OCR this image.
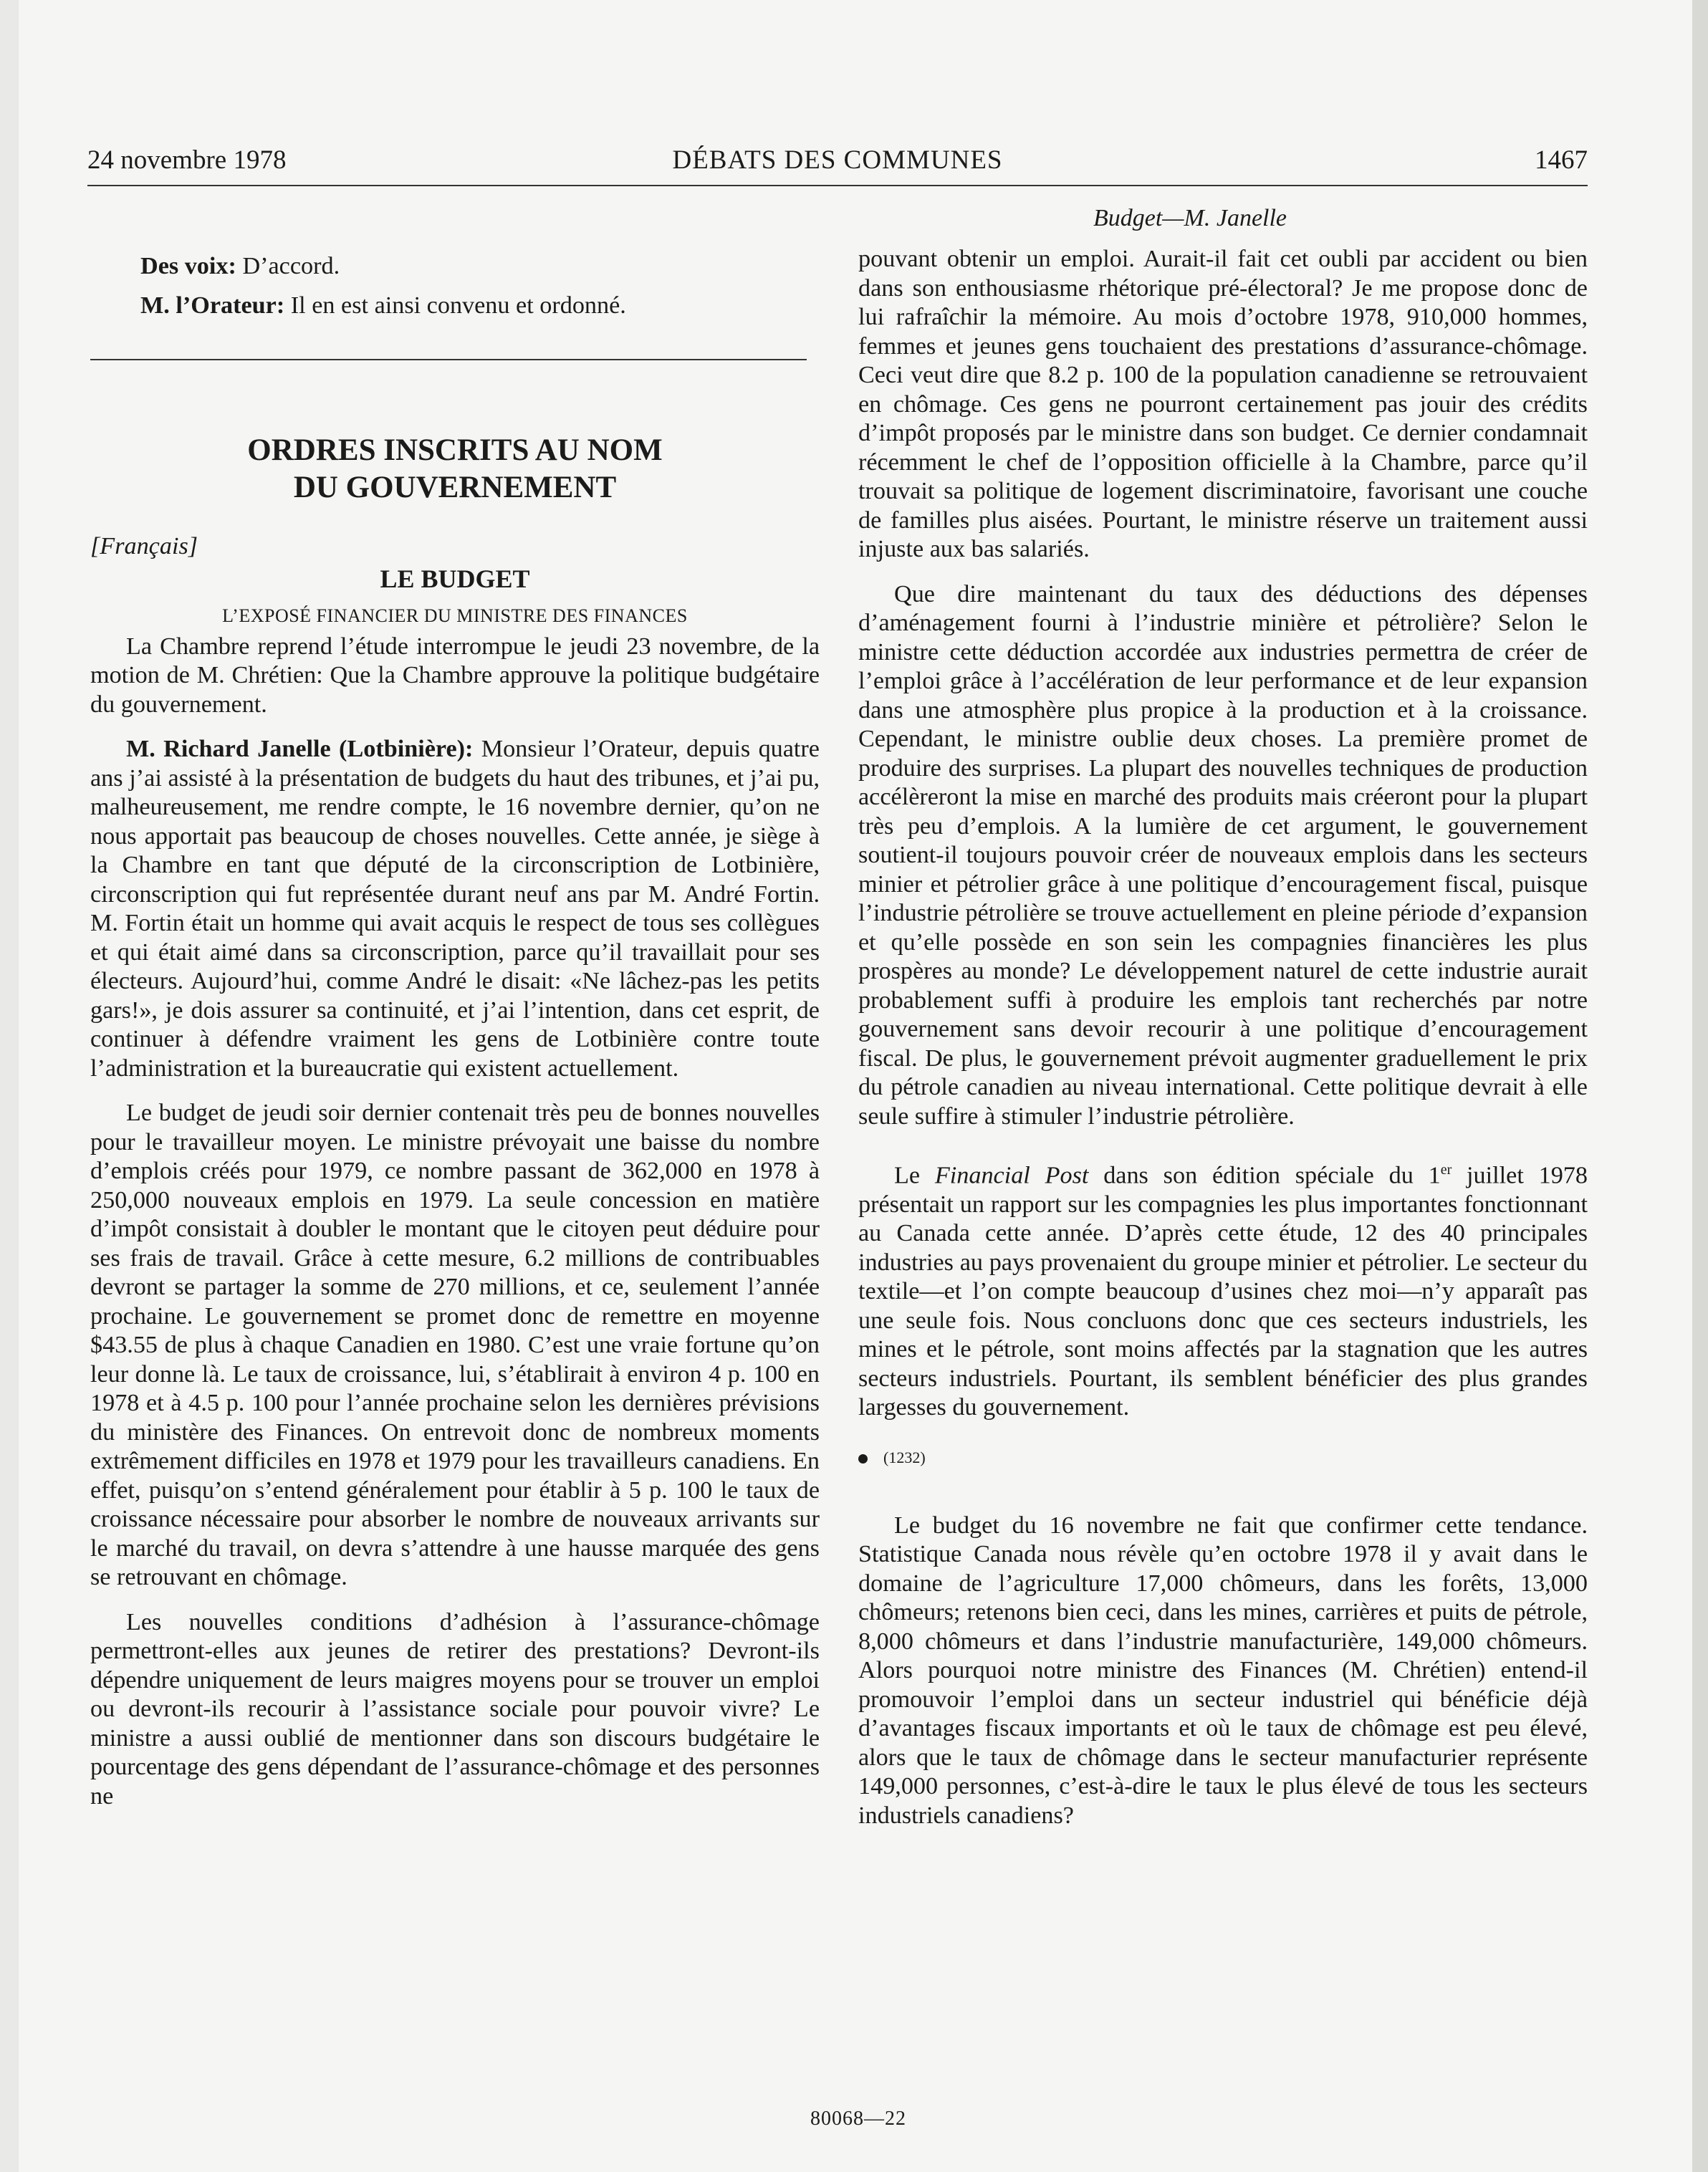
24 novembre 1978	DÉBATS DES COMMUNES	1467
Budget—M. Janelle

Des voix: D’accord.

M. l’Orateur: Il en est ainsi convenu et ordonné.

ORDRES INSCRITS AU NOM DU GOUVERNEMENT
[Français]
LE BUDGET
L’EXPOSÉ FINANCIER DU MINISTRE DES FINANCES

La Chambre reprend l’étude interrompue le jeudi 23 novembre, de la motion de M. Chrétien: Que la Chambre approuve la politique budgétaire du gouvernement.

M. Richard Janelle (Lotbinière): Monsieur l’Orateur, depuis quatre ans j’ai assisté à la présentation de budgets du haut des tribunes, et j’ai pu, malheureusement, me rendre compte, le 16 novembre dernier, qu’on ne nous apportait pas beaucoup de choses nouvelles. Cette année, je siège à la Chambre en tant que député de la circonscription de Lotbinière, circonscription qui fut représentée durant neuf ans par M. André Fortin. M. Fortin était un homme qui avait acquis le respect de tous ses collègues et qui était aimé dans sa circonscription, parce qu’il travaillait pour ses électeurs. Aujourd’hui, comme André le disait: «Ne lâchez-pas les petits gars!», je dois assurer sa continuité, et j’ai l’intention, dans cet esprit, de continuer à défendre vraiment les gens de Lotbinière contre toute l’administration et la bureaucratie qui existent actuellement.

Le budget de jeudi soir dernier contenait très peu de bonnes nouvelles pour le travailleur moyen. Le ministre prévoyait une baisse du nombre d’emplois créés pour 1979, ce nombre passant de 362,000 en 1978 à 250,000 nouveaux emplois en 1979. La seule concession en matière d’impôt consistait à doubler le montant que le citoyen peut déduire pour ses frais de travail. Grâce à cette mesure, 6.2 millions de contribuables devront se partager la somme de 270 millions, et ce, seulement l’année prochaine. Le gouvernement se promet donc de remettre en moyenne $43.55 de plus à chaque Canadien en 1980. C’est une vraie fortune qu’on leur donne là. Le taux de croissance, lui, s’établirait à environ 4 p. 100 en 1978 et à 4.5 p. 100 pour l’année prochaine selon les dernières prévisions du ministère des Finances. On entrevoit donc de nombreux moments extrêmement difficiles en 1978 et 1979 pour les travailleurs canadiens. En effet, puisqu’on s’entend généralement pour établir à 5 p. 100 le taux de croissance nécessaire pour absorber le nombre de nouveaux arrivants sur le marché du travail, on devra s’attendre à une hausse marquée des gens se retrouvant en chômage.

Les nouvelles conditions d’adhésion à l’assurance-chômage permettront-elles aux jeunes de retirer des prestations? Devront-ils dépendre uniquement de leurs maigres moyens pour se trouver un emploi ou devront-ils recourir à l’assistance sociale pour pouvoir vivre? Le ministre a aussi oublié de mentionner dans son discours budgétaire le pourcentage des gens dépendant de l’assurance-chômage et des personnes ne

pouvant obtenir un emploi. Aurait-il fait cet oubli par accident ou bien dans son enthousiasme rhétorique pré-électoral? Je me propose donc de lui rafraîchir la mémoire. Au mois d’octobre 1978, 910,000 hommes, femmes et jeunes gens touchaient des prestations d’assurance-chômage. Ceci veut dire que 8.2 p. 100 de la population canadienne se retrouvaient en chômage. Ces gens ne pourront certainement pas jouir des crédits d’impôt proposés par le ministre dans son budget. Ce dernier condamnait récemment le chef de l’opposition officielle à la Chambre, parce qu’il trouvait sa politique de logement discriminatoire, favorisant une couche de familles plus aisées. Pourtant, le ministre réserve un traitement aussi injuste aux bas salariés.

Que dire maintenant du taux des déductions des dépenses d’aménagement fourni à l’industrie minière et pétrolière? Selon le ministre cette déduction accordée aux industries permettra de créer de l’emploi grâce à l’accélération de leur performance et de leur expansion dans une atmosphère plus propice à la production et à la croissance. Cependant, le ministre oublie deux choses. La première promet de produire des surprises. La plupart des nouvelles techniques de production accélèreront la mise en marché des produits mais créeront pour la plupart très peu d’emplois. A la lumière de cet argument, le gouvernement soutient-il toujours pouvoir créer de nouveaux emplois dans les secteurs minier et pétrolier grâce à une politique d’encouragement fiscal, puisque l’industrie pétrolière se trouve actuellement en pleine période d’expansion et qu’elle possède en son sein les compagnies financières les plus prospères au monde? Le développement naturel de cette industrie aurait probablement suffi à produire les emplois tant recherchés par notre gouvernement sans devoir recourir à une politique d’encouragement fiscal. De plus, le gouvernement prévoit augmenter graduellement le prix du pétrole canadien au niveau international. Cette politique devrait à elle seule suffire à stimuler l’industrie pétrolière.

Le Financial Post dans son édition spéciale du 1er juillet 1978 présentait un rapport sur les compagnies les plus importantes fonctionnant au Canada cette année. D’après cette étude, 12 des 40 principales industries au pays provenaient du groupe minier et pétrolier. Le secteur du textile—et l’on compte beaucoup d’usines chez moi—n’y apparaît pas une seule fois. Nous concluons donc que ces secteurs industriels, les mines et le pétrole, sont moins affectés par la stagnation que les autres secteurs industriels. Pourtant, ils semblent bénéficier des plus grandes largesses du gouvernement.

(1232)

Le budget du 16 novembre ne fait que confirmer cette tendance. Statistique Canada nous révèle qu’en octobre 1978 il y avait dans le domaine de l’agriculture 17,000 chômeurs, dans les forêts, 13,000 chômeurs; retenons bien ceci, dans les mines, carrières et puits de pétrole, 8,000 chômeurs et dans l’industrie manufacturière, 149,000 chômeurs. Alors pourquoi notre ministre des Finances (M. Chrétien) entend-il promouvoir l’emploi dans un secteur industriel qui bénéficie déjà d’avantages fiscaux importants et où le taux de chômage est peu élevé, alors que le taux de chômage dans le secteur manufacturier représente 149,000 personnes, c’est-à-dire le taux le plus élevé de tous les secteurs industriels canadiens?

80068—22
